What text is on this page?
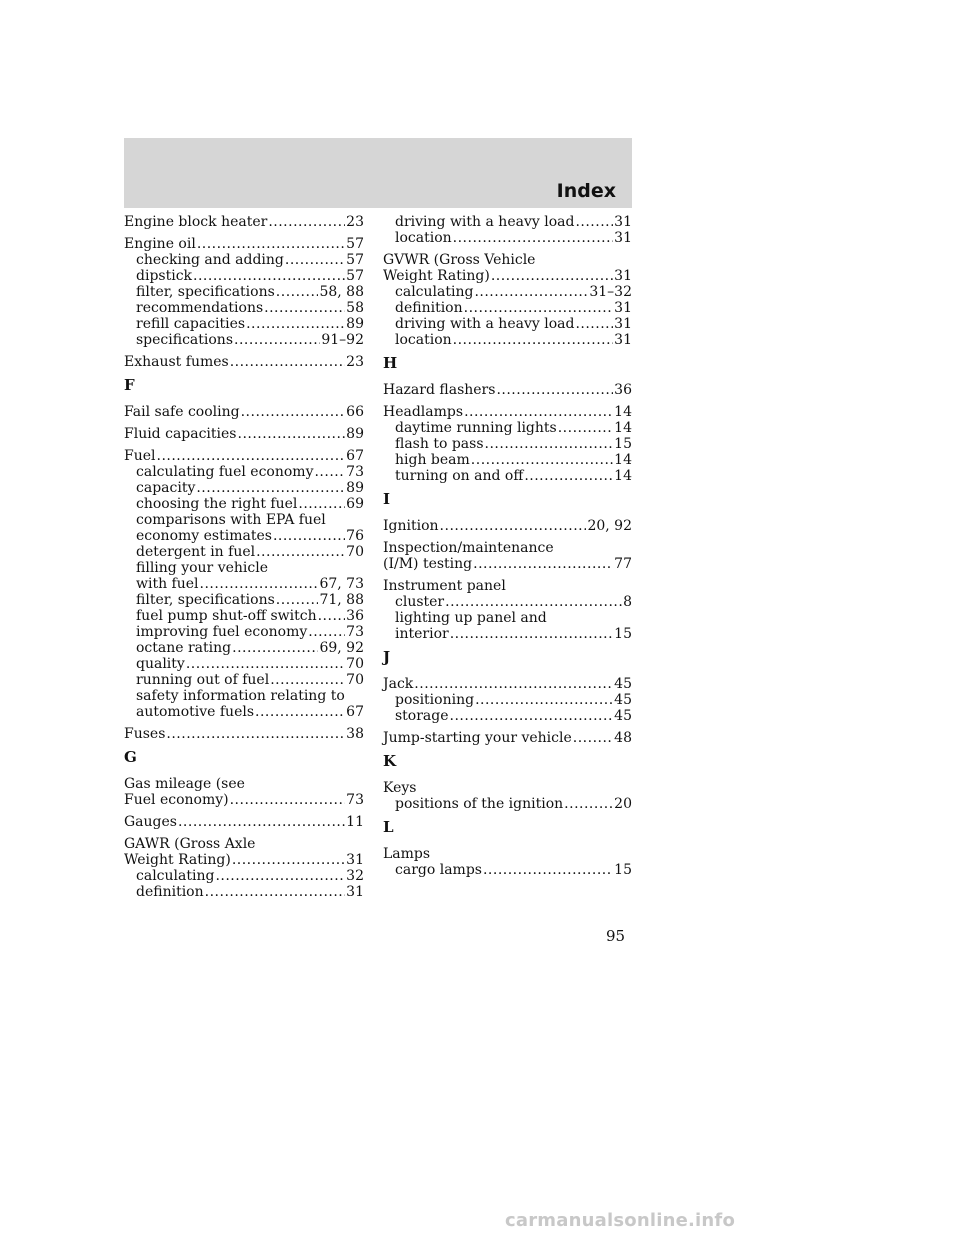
Index
Engine block heater .....	23
Engine oil .....	57
checking and adding .....	57
dipstick .....	57
filter, specifications .....	58, 88
recommendations .....	58
refill capacities .....	89
specifications .....	91–92
Exhaust fumes .....	23
F
Fail safe cooling .....	66
Fluid capacities .....	89
Fuel .....	67
calculating fuel economy ..... 73
capacity .....	89
choosing the right fuel .....	69
comparisons with EPA fuel
economy estimates .....	76
detergent in fuel .....	70
filling your vehicle
with fuel .....	67, 73
filter, specifications .....	71, 88
fuel pump shut-off switch ..... 36
improving fuel economy .....	73
octane rating .....	69, 92
quality .....	70
running out of fuel .....	70
safety information relating to
automotive fuels .....	67
Fuses .....	38
G
Gas mileage (see
Fuel economy) .....	73
Gauges .....	11
GAWR (Gross Axle
Weight Rating) .....	31
calculating .....	32
definition .....	31
driving with a heavy load .....	31
location .....	31
GVWR (Gross Vehicle
Weight Rating) .....	31
calculating .....	31–32
definition .....	31
driving with a heavy load .....	31
location .....	31
H
Hazard flashers .....	36
Headlamps .....	14
daytime running lights .....	14
flash to pass .....	15
high beam .....	14
turning on and off .....	14
I
Ignition .....	20, 92
Inspection/maintenance
(I/M) testing .....	77
Instrument panel
cluster .....	8
lighting up panel and
interior .....	15
J
Jack .....	45
positioning .....	45
storage .....	45
Jump-starting your vehicle .....	48
K
Keys
positions of the ignition .....	20
L
Lamps
cargo lamps .....	15
95
carmanualsonline.info
